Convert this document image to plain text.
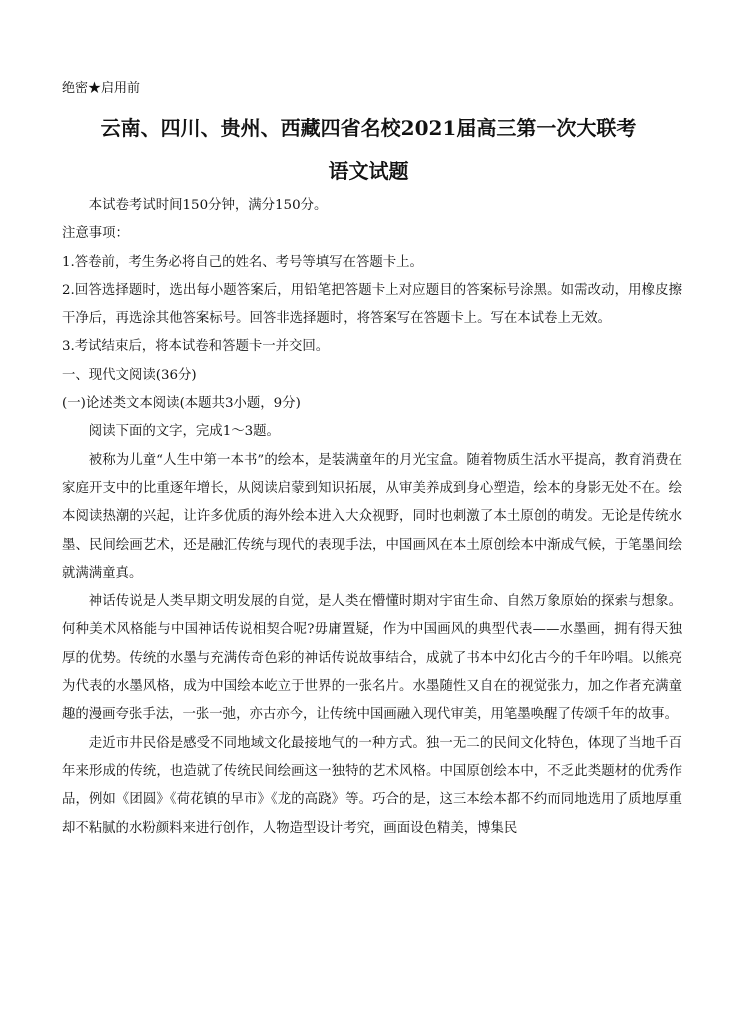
绝密★启用前
云南、四川、贵州、西藏四省名校2021届高三第一次大联考
语文试题

本试卷考试时间150分钟，满分150分。

注意事项：

1.答卷前，考生务必将自己的姓名、考号等填写在答题卡上。

2.回答选择题时，选出每小题答案后，用铅笔把答题卡上对应题目的答案标号涂黑。如需改动，用橡皮擦干净后，再选涂其他答案标号。回答非选择题时，将答案写在答题卡上。写在本试卷上无效。

3.考试结束后，将本试卷和答题卡一并交回。

一、现代文阅读(36分)

(一)论述类文本阅读(本题共3小题，9分)

阅读下面的文字，完成1～3题。

被称为儿童“人生中第一本书”的绘本，是装满童年的月光宝盒。随着物质生活水平提高，教育消费在家庭开支中的比重逐年增长，从阅读启蒙到知识拓展，从审美养成到身心塑造，绘本的身影无处不在。绘本阅读热潮的兴起，让许多优质的海外绘本进入大众视野，同时也刺激了本土原创的萌发。无论是传统水墨、民间绘画艺术，还是融汇传统与现代的表现手法，中国画风在本土原创绘本中渐成气候，于笔墨间绘就满满童真。

神话传说是人类早期文明发展的自觉，是人类在懵懂时期对宇宙生命、自然万象原始的探索与想象。何种美术风格能与中国神话传说相契合呢?毋庸置疑，作为中国画风的典型代表——水墨画，拥有得天独厚的优势。传统的水墨与充满传奇色彩的神话传说故事结合，成就了书本中幻化古今的千年吟唱。以熊亮为代表的水墨风格，成为中国绘本屹立于世界的一张名片。水墨随性又自在的视觉张力，加之作者充满童趣的漫画夸张手法，一张一弛，亦古亦今，让传统中国画融入现代审美，用笔墨唤醒了传颂千年的故事。

走近市井民俗是感受不同地域文化最接地气的一种方式。独一无二的民间文化特色，体现了当地千百年来形成的传统，也造就了传统民间绘画这一独特的艺术风格。中国原创绘本中，不乏此类题材的优秀作品，例如《团圆》《荷花镇的早市》《龙的高跷》等。巧合的是，这三本绘本都不约而同地选用了质地厚重却不粘腻的水粉颜料来进行创作，人物造型设计考究，画面设色精美，博集民
